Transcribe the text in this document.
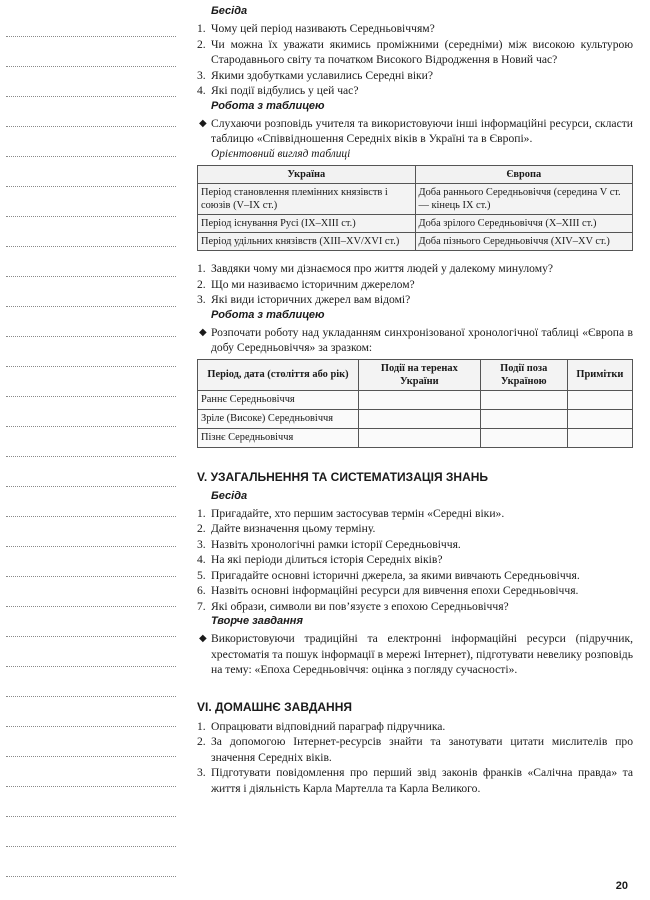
Бесіда
1. Чому цей період називають Середньовіччям?
2. Чи можна їх уважати якимись проміжними (середніми) між високою культурою Стародавнього світу та початком Високого Відродження в Новий час?
3. Якими здобутками уславились Середні віки?
4. Які події відбулись у цей час?
Робота з таблицею
◆ Слухаючи розповідь учителя та використовуючи інші інформаційні ресурси, скласти таблицю «Співвідношення Середніх віків в Україні та в Європі».
Орієнтовний вигляд таблиці
Україна	Європа
Період становлення племінних князівств і союзів (V–IX ст.)	Доба раннього Середньовіччя (середина V ст. — кінець IX ст.)
Період існування Русі (IX–XIII ст.)	Доба зрілого Середньовіччя (X–XIII ст.)
Період удільних князівств (XIII–XV/XVI ст.)	Доба пізнього Середньовіччя (XIV–XV ст.)
1. Завдяки чому ми дізнаємося про життя людей у далекому минулому?
2. Що ми називаємо історичним джерелом?
3. Які види історичних джерел вам відомі?
Робота з таблицею
◆ Розпочати роботу над укладанням синхронізованої хронологічної таблиці «Європа в добу Середньовіччя» за зразком:
Період, дата (століття або рік)	Події на теренах України	Події поза Україною	Примітки
Раннє Середньовіччя			
Зріле (Високе) Середньовіччя			
Пізнє Середньовіччя			
V. УЗАГАЛЬНЕННЯ ТА СИСТЕМАТИЗАЦІЯ ЗНАНЬ
Бесіда
1. Пригадайте, хто першим застосував термін «Середні віки».
2. Дайте визначення цьому терміну.
3. Назвіть хронологічні рамки історії Середньовіччя.
4. На які періоди ділиться історія Середніх віків?
5. Пригадайте основні історичні джерела, за якими вивчають Середньовіччя.
6. Назвіть основні інформаційні ресурси для вивчення епохи Середньовіччя.
7. Які образи, символи ви пов’язуєте з епохою Середньовіччя?
Творче завдання
◆ Використовуючи традиційні та електронні інформаційні ресурси (підручник, хрестоматія та пошук інформації в мережі Інтернет), підготувати невелику розповідь на тему: «Епоха Середньовіччя: оцінка з погляду сучасності».
VI. ДОМАШНЄ ЗАВДАННЯ
1. Опрацювати відповідний параграф підручника.
2. За допомогою Інтернет-ресурсів знайти та занотувати цитати мислителів про значення Середніх віків.
3. Підготувати повідомлення про перший звід законів франків «Салічна правда» та життя і діяльність Карла Мартелла та Карла Великого.
20
